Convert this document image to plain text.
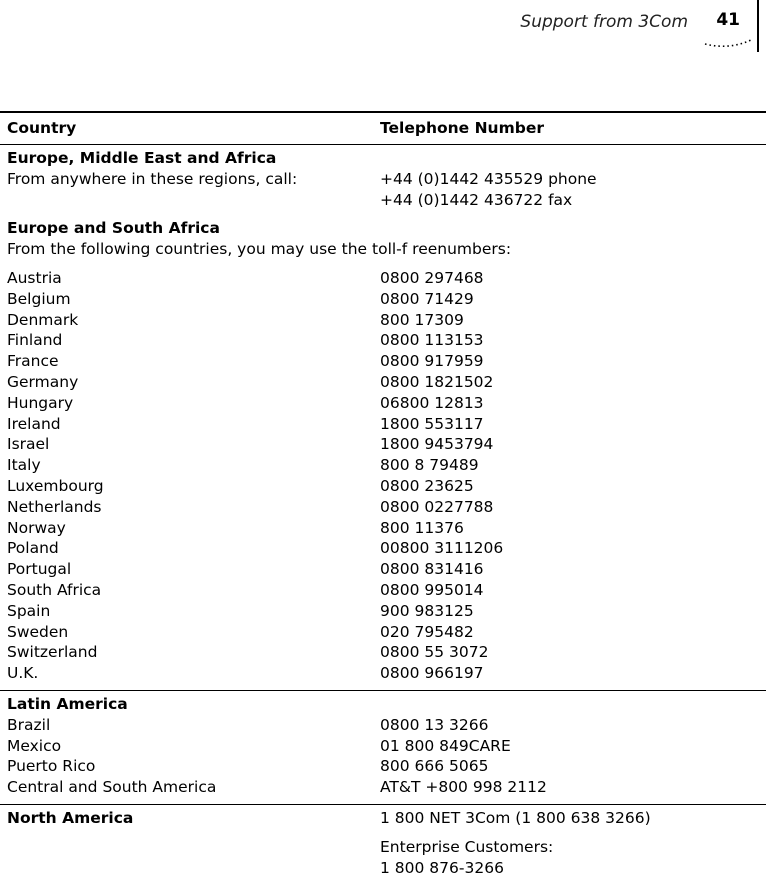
Support from 3Com 41
Country	Telephone Number
Europe, Middle East and Africa
From anywhere in these regions, call:	+44 (0)1442 435529 phone
+44 (0)1442 436722 fax
Europe and South Africa
From the following countries, you may use the toll-f reenumbers:
Austria	0800 297468
Belgium	0800 71429
Denmark	800 17309
Finland	0800 113153
France	0800 917959
Germany	0800 1821502
Hungary	06800 12813
Ireland	1800 553117
Israel	1800 9453794
Italy	800 8 79489
Luxembourg	0800 23625
Netherlands	0800 0227788
Norway	800 11376
Poland	00800 3111206
Portugal	0800 831416
South Africa	0800 995014
Spain	900 983125
Sweden	020 795482
Switzerland	0800 55 3072
U.K.	0800 966197
Latin America
Brazil	0800 13 3266
Mexico	01 800 849CARE
Puerto Rico	800 666 5065
Central and South America	AT&T +800 998 2112
North America	1 800 NET 3Com (1 800 638 3266)
Enterprise Customers:
1 800 876-3266
